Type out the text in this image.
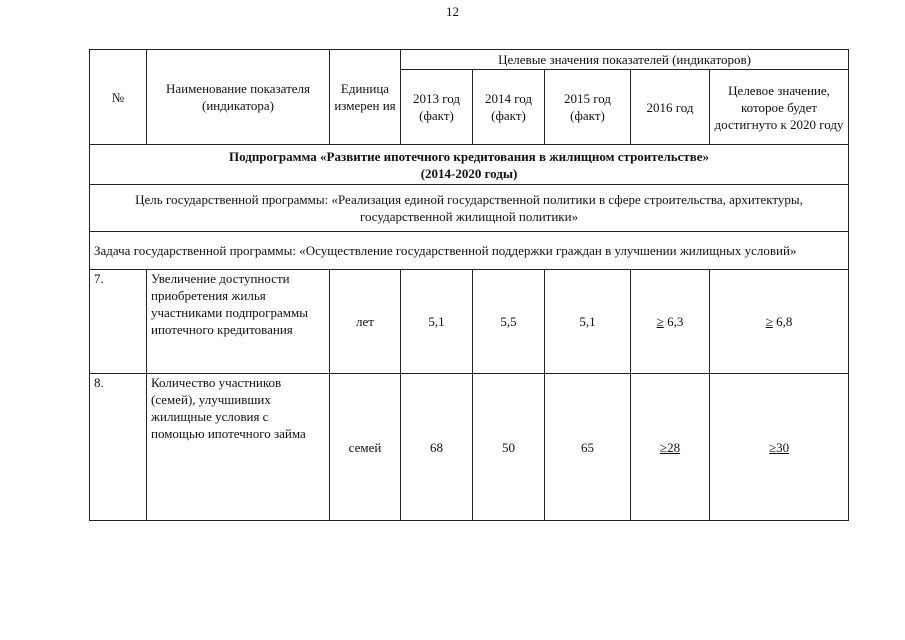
12
№	Наименование показателя (индикатора)	Единица измерен ия	Целевые значения показателей (индикаторов)				
			2013 год (факт)	2014 год (факт)	2015 год (факт)	2016 год	Целевое значение, которое будет достигнуто к 2020 году

Подпрограмма «Развитие ипотечного кредитования в жилищном строительстве»
(2014-2020 годы)							

Цель государственной программы: «Реализация единой государственной политики в сфере строительства, архитектуры, государственной жилищной политики»							
Задача государственной программы: «Осуществление государственной поддержки граждан в улучшении жилищных условий»							
7.	Увеличение доступности приобретения жилья участниками подпрограммы ипотечного кредитования	лет	5,1	5,5	5,1	≥ 6,3	≥ 6,8
8.	Количество участников (семей), улучшивших жилищные условия с помощью ипотечного займа	семей	68	50	65	≥28	≥30
